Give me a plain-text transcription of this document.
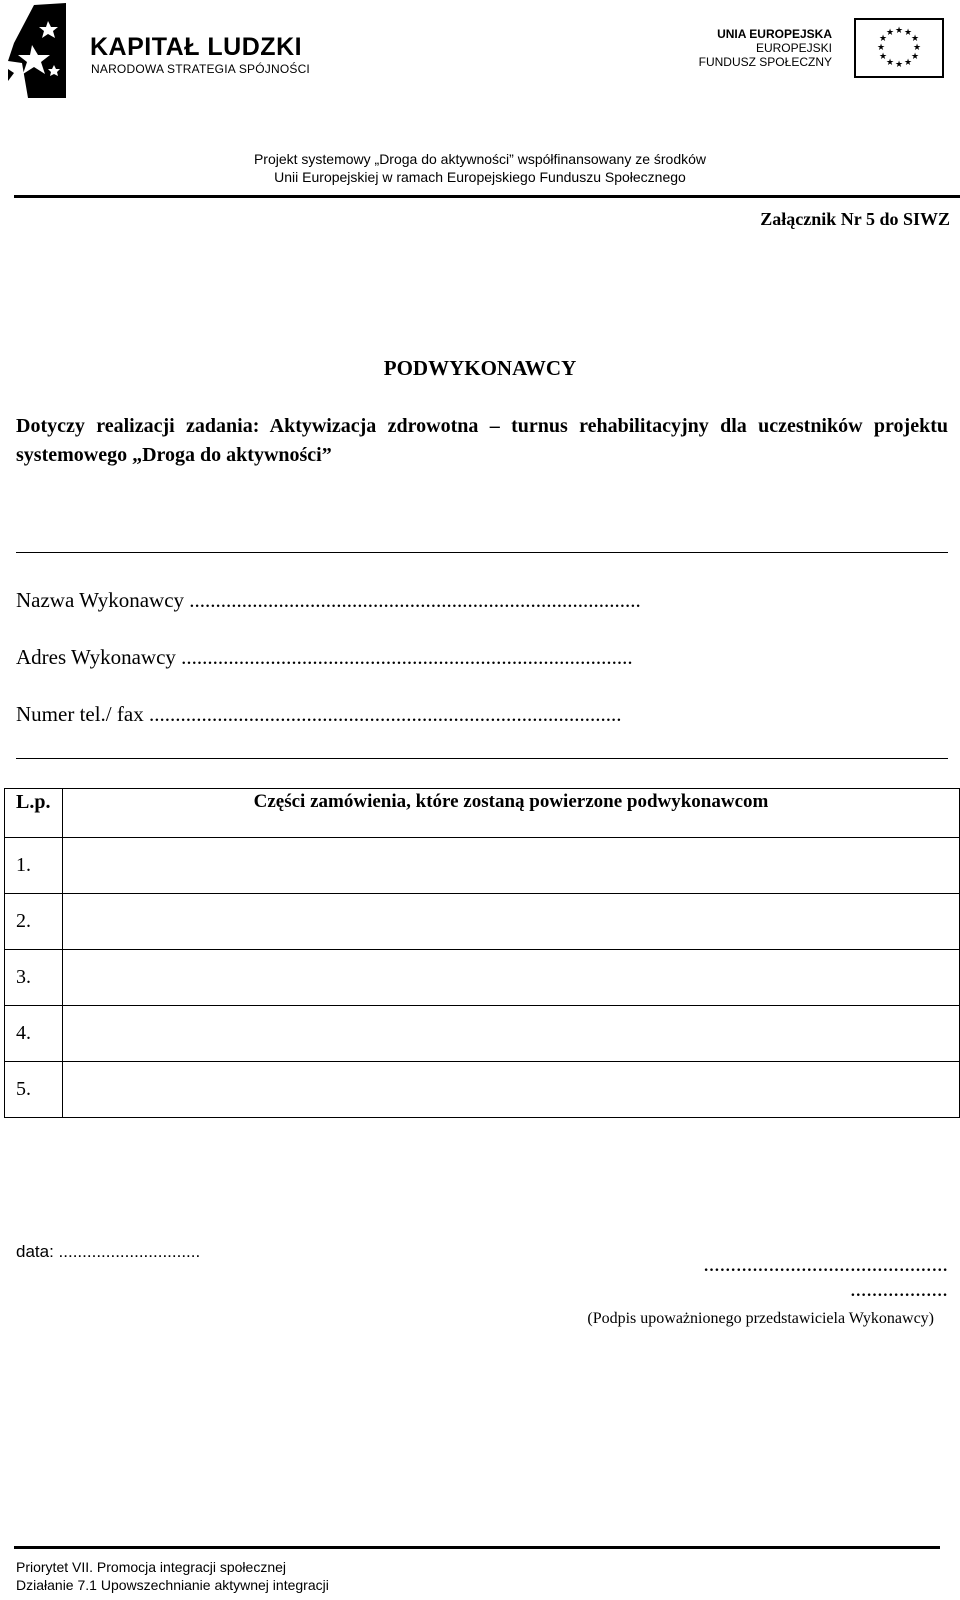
KAPITAŁ LUDZKI
NARODOWA STRATEGIA SPÓJNOŚCI
UNIA EUROPEJSKA
EUROPEJSKI
FUNDUSZ SPOŁECZNY
★ ★
★
★
★
★
★
★
★
★
★
★
Projekt systemowy „Droga do aktywności” współfinansowany ze środków
Unii Europejskiej w ramach Europejskiego Funduszu Społecznego
Załącznik Nr 5 do SIWZ
PODWYKONAWCY
Dotyczy realizacji zadania: Aktywizacja zdrowotna – turnus rehabilitacyjny dla uczestników projektu systemowego „Droga do aktywności”
Nazwa Wykonawcy ......................................................................................
Adres Wykonawcy ......................................................................................
Numer tel./ fax ..........................................................................................
L.p.	Części zamówienia, które zostaną powierzone podwykonawcom
1.	
2.	
3.	
4.	
5.	
data: ..............................
………………………………………
………………
(Podpis upoważnionego przedstawiciela Wykonawcy)
Priorytet VII. Promocja integracji społecznej
Działanie 7.1 Upowszechnianie aktywnej integracji
